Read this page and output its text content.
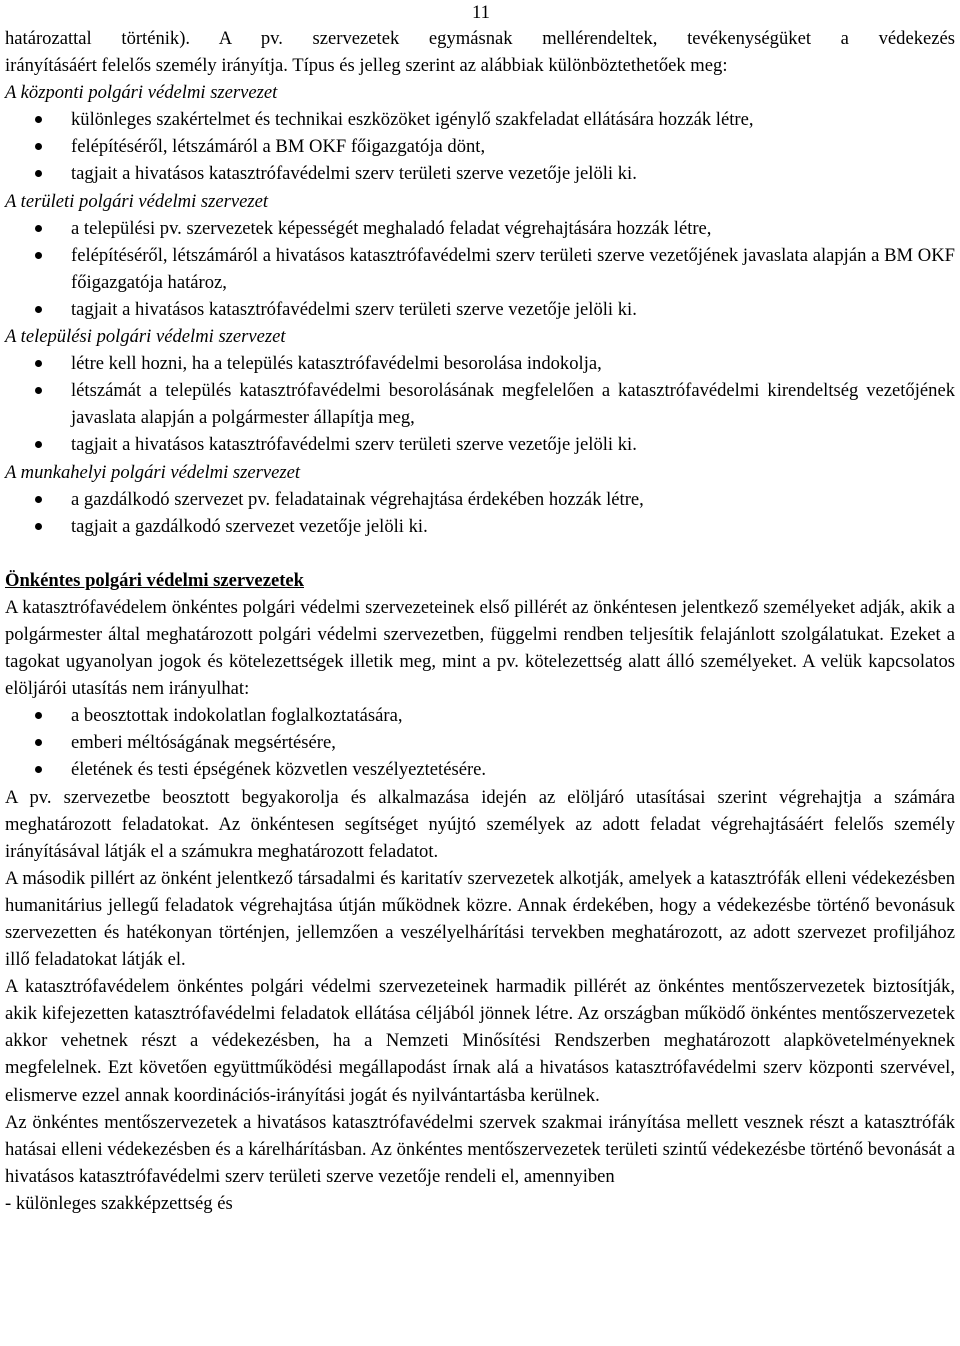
11

határozattal történik). A pv. szervezetek egymásnak mellérendeltek, tevékenységüket a védekezés

irányításáért felelős személy irányítja. Típus és jelleg szerint az alábbiak különböztethetőek meg:

A központi polgári védelmi szervezet

különleges szakértelmet és technikai eszközöket igénylő szakfeladat ellátására hozzák létre,
felépítéséről, létszámáról a BM OKF főigazgatója dönt,
tagjait a hivatásos katasztrófavédelmi szerv területi szerve vezetője jelöli ki.

A területi polgári védelmi szervezet

a települési pv. szervezetek képességét meghaladó feladat végrehajtására hozzák létre,
felépítéséről, létszámáról a hivatásos katasztrófavédelmi szerv területi szerve vezetőjének javaslata alapján a BM OKF főigazgatója határoz,
tagjait a hivatásos katasztrófavédelmi szerv területi szerve vezetője jelöli ki.

A települési polgári védelmi szervezet

létre kell hozni, ha a település katasztrófavédelmi besorolása indokolja,
létszámát a település katasztrófavédelmi besorolásának megfelelően a katasztrófavédelmi kirendeltség vezetőjének javaslata alapján a polgármester állapítja meg,
tagjait a hivatásos katasztrófavédelmi szerv területi szerve vezetője jelöli ki.

A munkahelyi polgári védelmi szervezet

a gazdálkodó szervezet pv. feladatainak végrehajtása érdekében hozzák létre,
tagjait a gazdálkodó szervezet vezetője jelöli ki.

Önkéntes polgári védelmi szervezetek

A katasztrófavédelem önkéntes polgári védelmi szervezeteinek első pillérét az önkéntesen jelentkező személyeket adják, akik a polgármester által meghatározott polgári védelmi szervezetben, függelmi rendben teljesítik felajánlott szolgálatukat. Ezeket a tagokat ugyanolyan jogok és kötelezettségek illetik meg, mint a pv. kötelezettség alatt álló személyeket. A velük kapcsolatos elöljárói utasítás nem irányulhat:

a beosztottak indokolatlan foglalkoztatására,
emberi méltóságának megsértésére,
életének és testi épségének közvetlen veszélyeztetésére.

A pv. szervezetbe beosztott begyakorolja és alkalmazása idején az elöljáró utasításai szerint végrehajtja a számára meghatározott feladatokat. Az önkéntesen segítséget nyújtó személyek az adott feladat végrehajtásáért felelős személy irányításával látják el a számukra meghatározott feladatot.

A második pillért az önként jelentkező társadalmi és karitatív szervezetek alkotják, amelyek a katasztrófák elleni védekezésben humanitárius jellegű feladatok végrehajtása útján működnek közre. Annak érdekében, hogy a védekezésbe történő bevonásuk szervezetten és hatékonyan történjen, jellemzően a veszélyelhárítási tervekben meghatározott, az adott szervezet profiljához illő feladatokat látják el.

A katasztrófavédelem önkéntes polgári védelmi szervezeteinek harmadik pillérét az önkéntes mentőszervezetek biztosítják, akik kifejezetten katasztrófavédelmi feladatok ellátása céljából jönnek létre. Az országban működő önkéntes mentőszervezetek akkor vehetnek részt a védekezésben, ha a Nemzeti Minősítési Rendszerben meghatározott alapkövetelményeknek megfelelnek. Ezt követően együttműködési megállapodást írnak alá a hivatásos katasztrófavédelmi szerv központi szervével, elismerve ezzel annak koordinációs-irányítási jogát és nyilvántartásba kerülnek.

Az önkéntes mentőszervezetek a hivatásos katasztrófavédelmi szervek szakmai irányítása mellett vesznek részt a katasztrófák hatásai elleni védekezésben és a kárelhárításban. Az önkéntes mentőszervezetek területi szintű védekezésbe történő bevonását a hivatásos katasztrófavédelmi szerv területi szerve vezetője rendeli el, amennyiben

- különleges szakképzettség és
